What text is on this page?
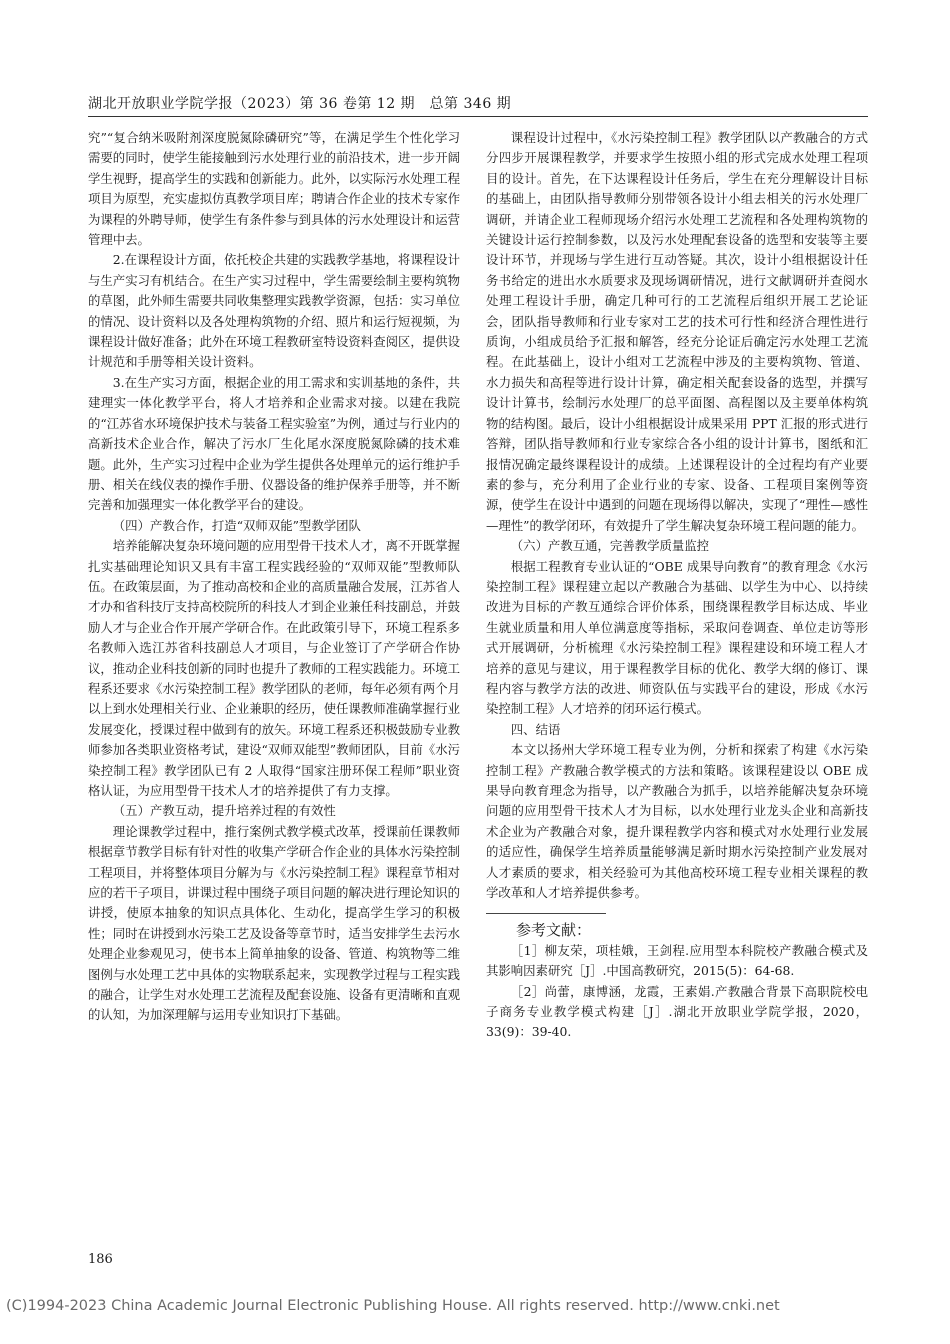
湖北开放职业学院学报（2023）第 36 卷第 12 期　总第 346 期

究”“复合纳米吸附剂深度脱氮除磷研究”等，在满足学生个性化学习需要的同时，使学生能接触到污水处理行业的前沿技术，进一步开阔学生视野，提高学生的实践和创新能力。此外，以实际污水处理工程项目为原型，充实虚拟仿真教学项目库；聘请合作企业的技术专家作为课程的外聘导师，使学生有条件参与到具体的污水处理设计和运营管理中去。

2.在课程设计方面，依托校企共建的实践教学基地，将课程设计与生产实习有机结合。在生产实习过程中，学生需要绘制主要构筑物的草图，此外师生需要共同收集整理实践教学资源，包括：实习单位的情况、设计资料以及各处理构筑物的介绍、照片和运行短视频，为课程设计做好准备；此外在环境工程教研室特设资料查阅区，提供设计规范和手册等相关设计资料。

3.在生产实习方面，根据企业的用工需求和实训基地的条件，共建理实一体化教学平台，将人才培养和企业需求对接。以建在我院的“江苏省水环境保护技术与装备工程实验室”为例，通过与行业内的高新技术企业合作，解决了污水厂生化尾水深度脱氮除磷的技术难题。此外，生产实习过程中企业为学生提供各处理单元的运行维护手册、相关在线仪表的操作手册、仪器设备的维护保养手册等，并不断完善和加强理实一体化教学平台的建设。

（四）产教合作，打造“双师双能”型教学团队

培养能解决复杂环境问题的应用型骨干技术人才，离不开既掌握扎实基础理论知识又具有丰富工程实践经验的“双师双能”型教师队伍。在政策层面，为了推动高校和企业的高质量融合发展，江苏省人才办和省科技厅支持高校院所的科技人才到企业兼任科技副总，并鼓励人才与企业合作开展产学研合作。在此政策引导下，环境工程系多名教师入选江苏省科技副总人才项目，与企业签订了产学研合作协议，推动企业科技创新的同时也提升了教师的工程实践能力。环境工程系还要求《水污染控制工程》教学团队的老师，每年必须有两个月以上到水处理相关行业、企业兼职的经历，使任课教师准确掌握行业发展变化，授课过程中做到有的放矢。环境工程系还积极鼓励专业教师参加各类职业资格考试，建设“双师双能型”教师团队，目前《水污染控制工程》教学团队已有 2 人取得“国家注册环保工程师”职业资格认证，为应用型骨干技术人才的培养提供了有力支撑。

（五）产教互动，提升培养过程的有效性

理论课教学过程中，推行案例式教学模式改革，授课前任课教师根据章节教学目标有针对性的收集产学研合作企业的具体水污染控制工程项目，并将整体项目分解为与《水污染控制工程》课程章节相对应的若干子项目，讲课过程中围绕子项目问题的解决进行理论知识的讲授，使原本抽象的知识点具体化、生动化，提高学生学习的积极性；同时在讲授到水污染工艺及设备等章节时，适当安排学生去污水处理企业参观见习，使书本上简单抽象的设备、管道、构筑物等二维图例与水处理工艺中具体的实物联系起来，实现教学过程与工程实践的融合，让学生对水处理工艺流程及配套设施、设备有更清晰和直观的认知，为加深理解与运用专业知识打下基础。

课程设计过程中，《水污染控制工程》教学团队以产教融合的方式分四步开展课程教学，并要求学生按照小组的形式完成水处理工程项目的设计。首先，在下达课程设计任务后，学生在充分理解设计目标的基础上，由团队指导教师分别带领各设计小组去相关的污水处理厂调研，并请企业工程师现场介绍污水处理工艺流程和各处理构筑物的关键设计运行控制参数，以及污水处理配套设备的选型和安装等主要设计环节，并现场与学生进行互动答疑。其次，设计小组根据设计任务书给定的进出水水质要求及现场调研情况，进行文献调研并查阅水处理工程设计手册，确定几种可行的工艺流程后组织开展工艺论证会，团队指导教师和行业专家对工艺的技术可行性和经济合理性进行质询，小组成员给予汇报和解答，经充分论证后确定污水处理工艺流程。在此基础上，设计小组对工艺流程中涉及的主要构筑物、管道、水力损失和高程等进行设计计算，确定相关配套设备的选型，并撰写设计计算书，绘制污水处理厂的总平面图、高程图以及主要单体构筑物的结构图。最后，设计小组根据设计成果采用 PPT 汇报的形式进行答辩，团队指导教师和行业专家综合各小组的设计计算书，图纸和汇报情况确定最终课程设计的成绩。上述课程设计的全过程均有产业要素的参与，充分利用了企业行业的专家、设备、工程项目案例等资源，使学生在设计中遇到的问题在现场得以解决，实现了“理性—感性—理性”的教学闭环，有效提升了学生解决复杂环境工程问题的能力。

（六）产教互通，完善教学质量监控

根据工程教育专业认证的“OBE 成果导向教育”的教育理念《水污染控制工程》课程建立起以产教融合为基础、以学生为中心、以持续改进为目标的产教互通综合评价体系，围绕课程教学目标达成、毕业生就业质量和用人单位满意度等指标，采取问卷调查、单位走访等形式开展调研，分析梳理《水污染控制工程》课程建设和环境工程人才培养的意见与建议，用于课程教学目标的优化、教学大纲的修订、课程内容与教学方法的改进、师资队伍与实践平台的建设，形成《水污染控制工程》人才培养的闭环运行模式。

四、结语

本文以扬州大学环境工程专业为例，分析和探索了构建《水污染控制工程》产教融合教学模式的方法和策略。该课程建设以 OBE 成果导向教育理念为指导，以产教融合为抓手，以培养能解决复杂环境问题的应用型骨干技术人才为目标，以水处理行业龙头企业和高新技术企业为产教融合对象，提升课程教学内容和模式对水处理行业发展的适应性，确保学生培养质量能够满足新时期水污染控制产业发展对人才素质的要求，相关经验可为其他高校环境工程专业相关课程的教学改革和人才培养提供参考。

参考文献：

［1］柳友荣，项桂娥，王剑程.应用型本科院校产教融合模式及其影响因素研究［J］.中国高教研究，2015(5)：64-68.

［2］尚蕾，康博涵，龙霞，王素娟.产教融合背景下高职院校电子商务专业教学模式构建［J］.湖北开放职业学院学报，2020，33(9)：39-40.

186
(C)1994-2023 China Academic Journal Electronic Publishing House. All rights reserved. http://www.cnki.net
